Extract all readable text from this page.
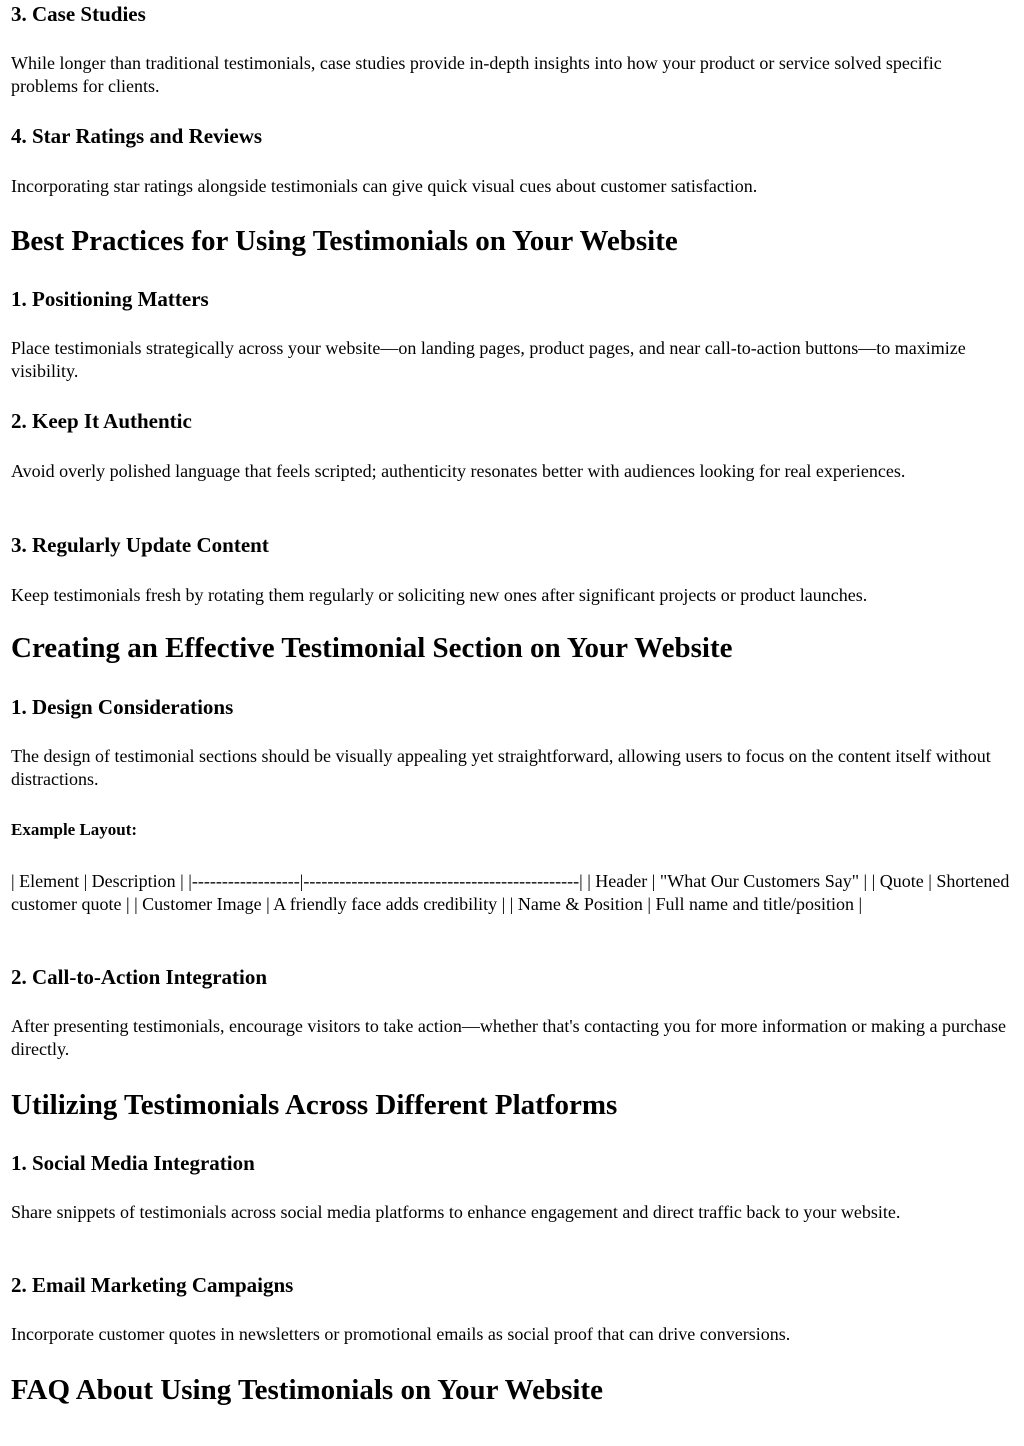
3. Case Studies

While longer than traditional testimonials, case studies provide in-depth insights into how your product or service solved specific problems for clients.

4. Star Ratings and Reviews

Incorporating star ratings alongside testimonials can give quick visual cues about customer satisfaction.

Best Practices for Using Testimonials on Your Website
1. Positioning Matters

Place testimonials strategically across your website—on landing pages, product pages, and near call-to-action buttons—to maximize visibility.

2. Keep It Authentic

Avoid overly polished language that feels scripted; authenticity resonates better with audiences looking for real experiences.

3. Regularly Update Content

Keep testimonials fresh by rotating them regularly or soliciting new ones after significant projects or product launches.

Creating an Effective Testimonial Section on Your Website
1. Design Considerations

The design of testimonial sections should be visually appealing yet straightforward, allowing users to focus on the content itself without distractions.

Example Layout:

| Element | Description | |------------------|----------------------------------------------| | Header | "What Our Customers Say" | | Quote | Shortened customer quote | | Customer Image | A friendly face adds credibility | | Name & Position | Full name and title/position |

2. Call-to-Action Integration

After presenting testimonials, encourage visitors to take action—whether that's contacting you for more information or making a purchase directly.

Utilizing Testimonials Across Different Platforms
1. Social Media Integration

Share snippets of testimonials across social media platforms to enhance engagement and direct traffic back to your website.

2. Email Marketing Campaigns

Incorporate customer quotes in newsletters or promotional emails as social proof that can drive conversions.

FAQ About Using Testimonials on Your Website
